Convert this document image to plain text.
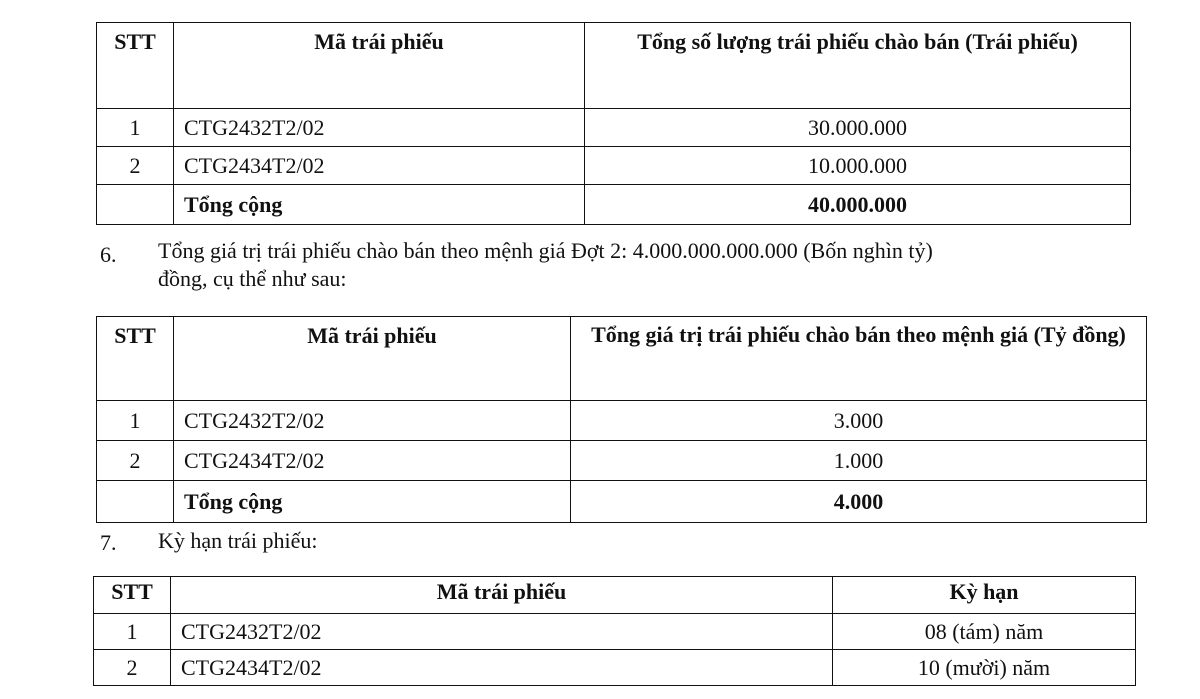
STT	Mã trái phiếu	Tổng số lượng trái phiếu chào bán (Trái phiếu)
1	CTG2432T2/02	30.000.000
2	CTG2434T2/02	10.000.000
	Tổng cộng	40.000.000
6. Tổng giá trị trái phiếu chào bán theo mệnh giá Đợt 2: 4.000.000.000.000 (Bốn nghìn tỷ)
đồng, cụ thể như sau:
STT	Mã trái phiếu	Tổng giá trị trái phiếu chào bán theo mệnh giá (Tỷ đồng)
1	CTG2432T2/02	3.000
2	CTG2434T2/02	1.000
	Tổng cộng	4.000
7. Kỳ hạn trái phiếu:
STT	Mã trái phiếu	Kỳ hạn
1	CTG2432T2/02	08 (tám) năm
2	CTG2434T2/02	10 (mười) năm
